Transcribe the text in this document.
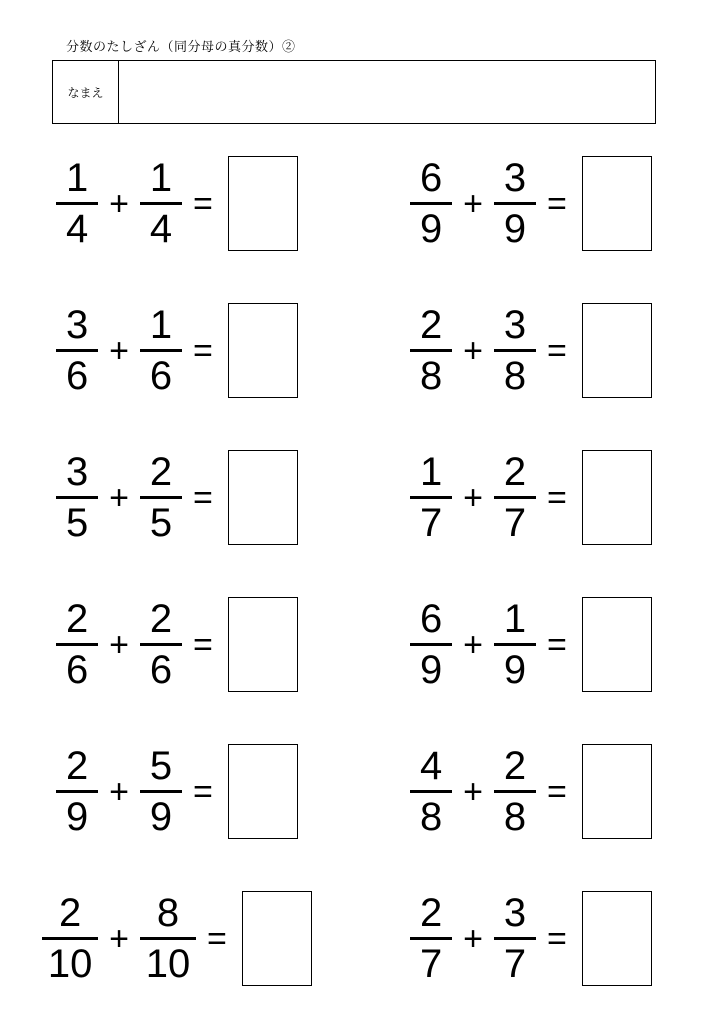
分数のたしざん（同分母の真分数）②
なまえ
$\frac{1}{4} + \frac{1}{4}$ =	$\frac{6}{9} + \frac{3}{9}$ =
$\frac{3}{6} + \frac{1}{6}$ =	$\frac{2}{8} + \frac{3}{8}$ =
$\frac{3}{5} + \frac{2}{5}$ =	$\frac{1}{7} + \frac{2}{7}$ =
$\frac{2}{6} + \frac{2}{6}$ =	$\frac{6}{9} + \frac{1}{9}$ =
$\frac{2}{9} + \frac{5}{9}$ =	$\frac{4}{8} + \frac{2}{8}$ =
$\frac{2}{10} + \frac{8}{10}$ =	$\frac{2}{7} + \frac{3}{7}$ =
